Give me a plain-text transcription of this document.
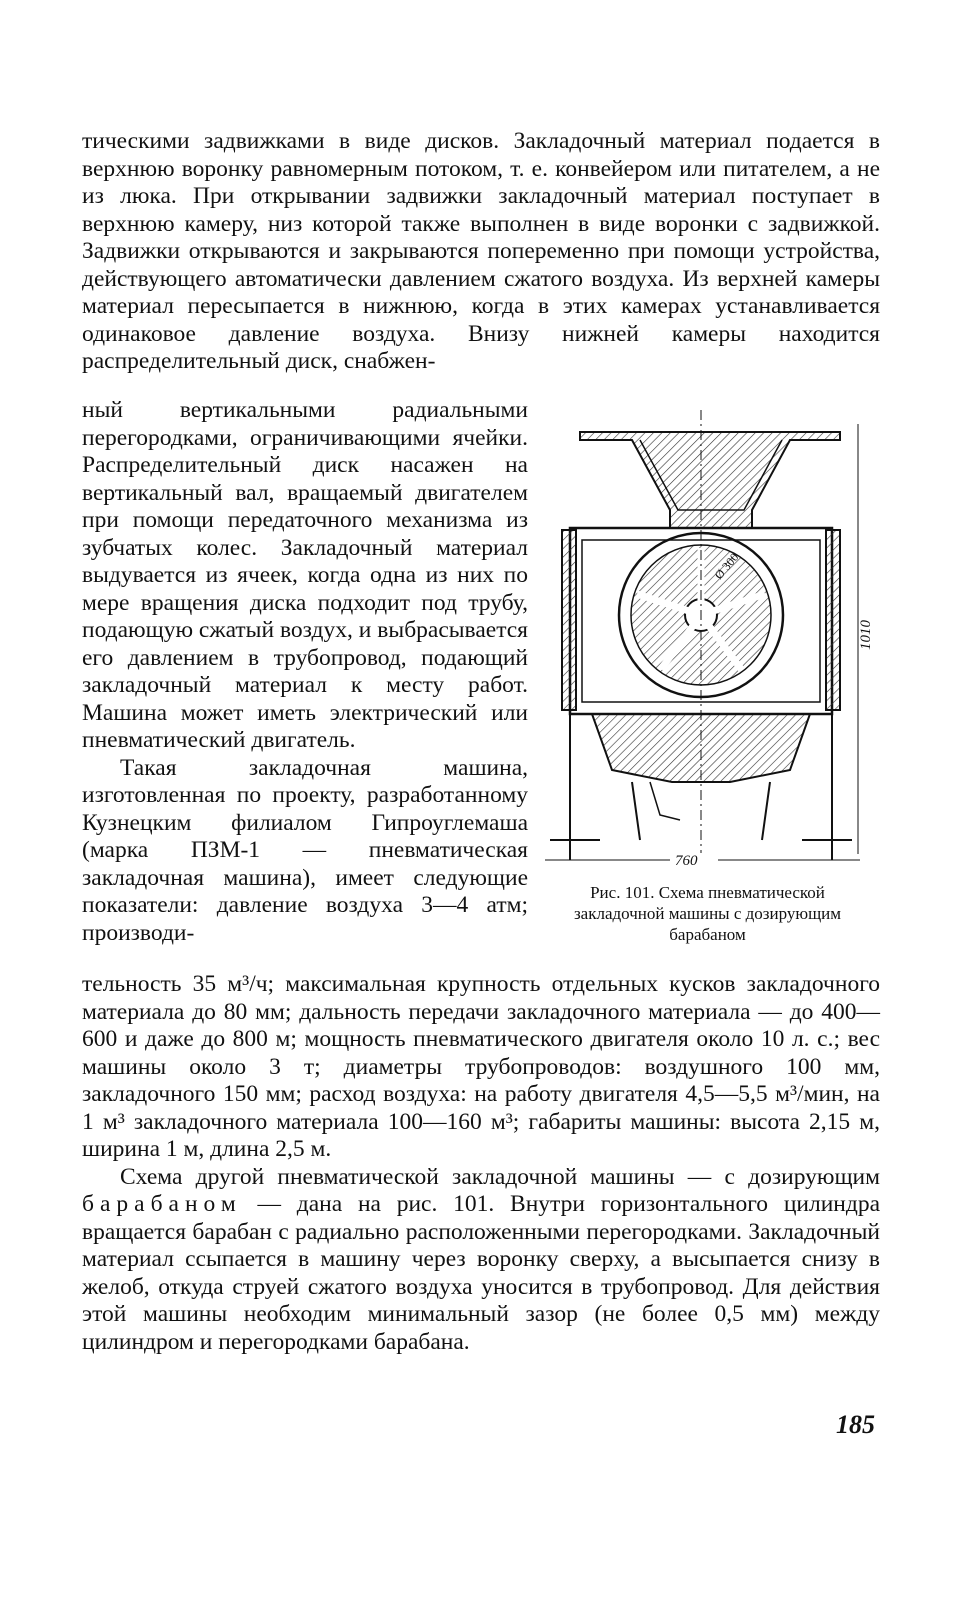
тическими задвижками в виде дисков. Закладочный материал подается в верхнюю воронку равномерным потоком, т. е. конвейером или питателем, а не из люка. При открывании задвижки закладочный материал поступает в верхнюю камеру, низ которой также выполнен в виде воронки с задвижкой. Задвижки открываются и закрываются попеременно при помощи устройства, действующего автоматически давлением сжатого воздуха. Из верхней камеры материал пересыпается в нижнюю, когда в этих камерах устанавливается одинаковое давление воздуха. Внизу нижней камеры находится распределительный диск, снабжен-

ный вертикальными радиальными перегородками, ограничивающими ячейки. Распределительный диск насажен на вертикальный вал, вращаемый двигателем при помощи передаточного механизма из зубчатых колес. Закладочный материал выдувается из ячеек, когда одна из них по мере вращения диска подходит под трубу, подающую сжатый воздух, и выбрасывается его давлением в трубопровод, подающий закладочный материал к месту работ. Машина может иметь электрический или пневматический двигатель.

Такая закладочная машина, изготовленная по проекту, разработанному Кузнецким филиалом Гипроуглемаша (марка ПЗМ-1 — пневматическая закладочная машина), имеет следующие показатели: давление воздуха 3—4 атм; производи-

тельность 35 м³/ч; максимальная крупность отдельных кусков закладочного материала до 80 мм; дальность передачи закладочного материала — до 400—600 и даже до 800 м; мощность пневматического двигателя около 10 л. с.; вес машины около 3 т; диаметры трубопроводов: воздушного 100 мм, закладочного 150 мм; расход воздуха: на работу двигателя 4,5—5,5 м³/мин, на 1 м³ закладочного материала 100—160 м³; габариты машины: высота 2,15 м, ширина 1 м, длина 2,5 м.

Схема другой пневматической закладочной машины — с дозирующим барабаном — дана на рис. 101. Внутри горизонтального цилиндра вращается барабан с радиально расположенными перегородками. Закладочный материал ссыпается в машину через воронку сверху, а высыпается снизу в желоб, откуда струей сжатого воздуха уносится в трубопровод. Для действия этой машины необходим минимальный зазор (не более 0,5 мм) между цилиндром и перегородками барабана.

Ø 300
1010
760
Рис. 101. Схема пневматической закладочной машины с дозирующим барабаном
185
